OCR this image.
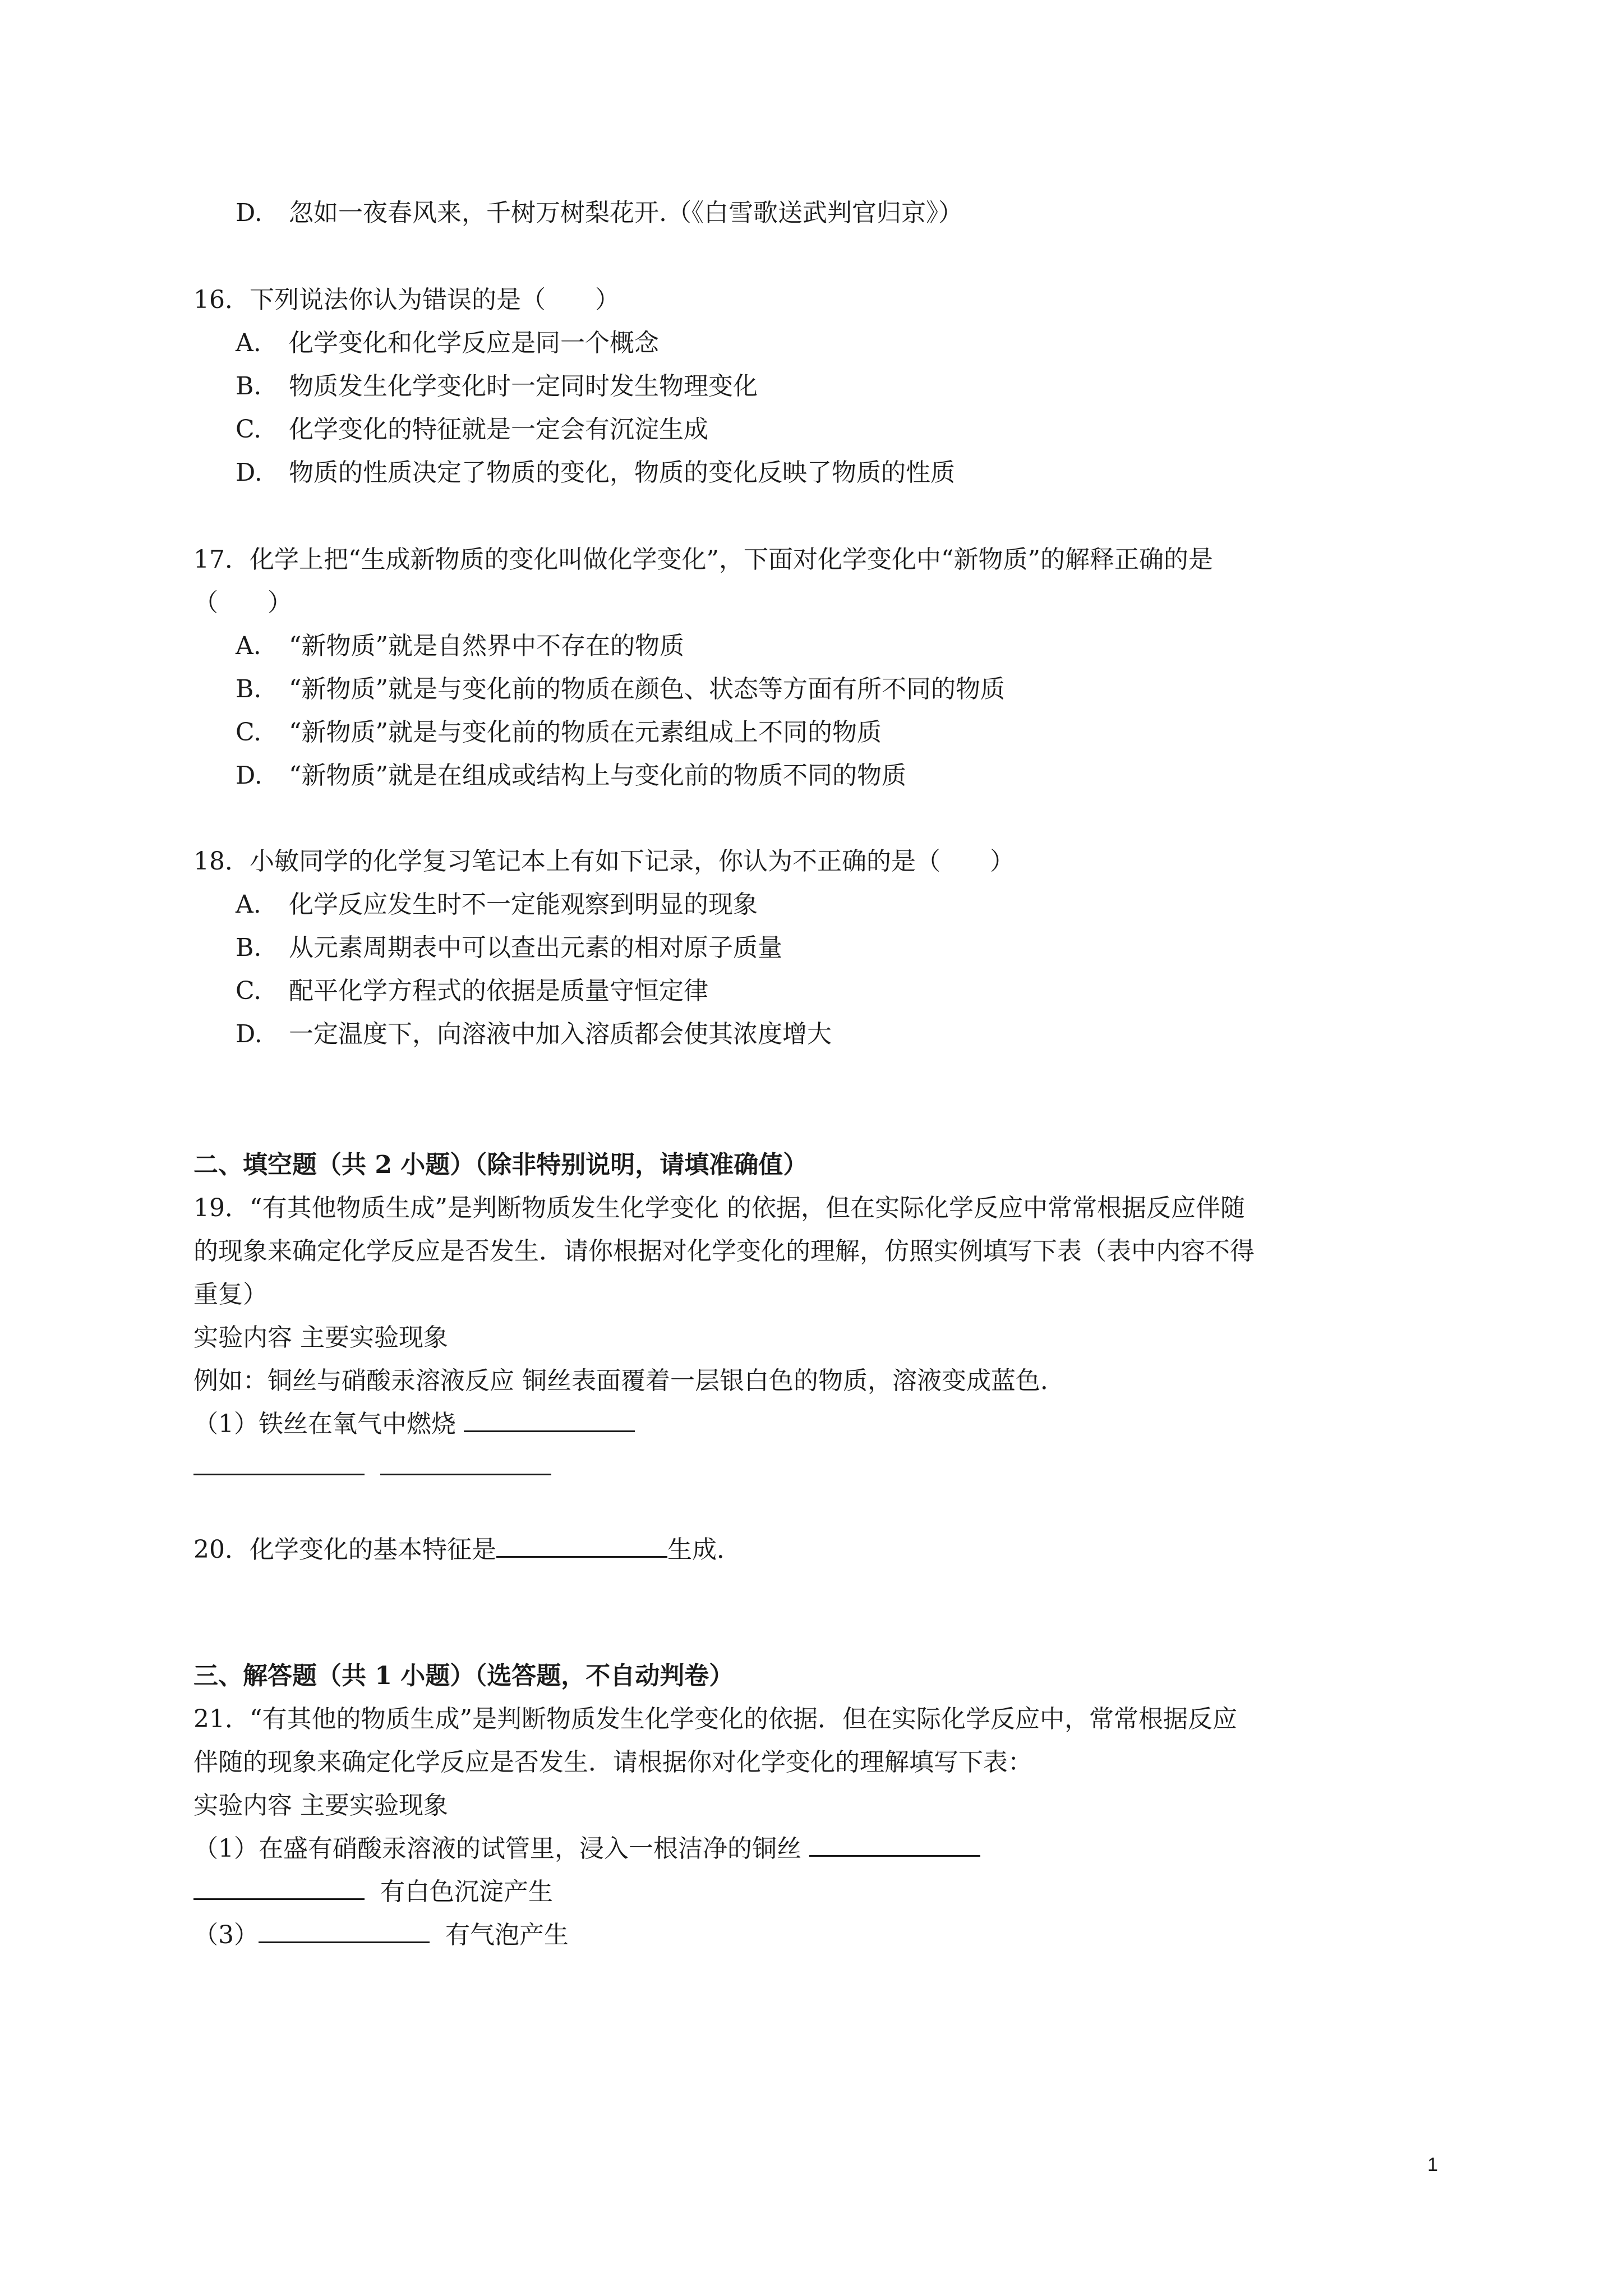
D. 忽如一夜春风来，千树万树梨花开.（《白雪歌送武判官归京》）
16．下列说法你认为错误的是（　　）
A. 化学变化和化学反应是同一个概念
B. 物质发生化学变化时一定同时发生物理变化
C. 化学变化的特征就是一定会有沉淀生成
D. 物质的性质决定了物质的变化，物质的变化反映了物质的性质
17．化学上把“生成新物质的变化叫做化学变化”，下面对化学变化中“新物质”的解释正确的是
（　　）
A. “新物质”就是自然界中不存在的物质
B. “新物质”就是与变化前的物质在颜色、状态等方面有所不同的物质
C. “新物质”就是与变化前的物质在元素组成上不同的物质
D. “新物质”就是在组成或结构上与变化前的物质不同的物质
18．小敏同学的化学复习笔记本上有如下记录，你认为不正确的是（　　）
A. 化学反应发生时不一定能观察到明显的现象
B. 从元素周期表中可以查出元素的相对原子质量
C. 配平化学方程式的依据是质量守恒定律
D. 一定温度下，向溶液中加入溶质都会使其浓度增大
二、填空题（共 2 小题）（除非特别说明，请填准确值）
19．“有其他物质生成”是判断物质发生化学变化 的依据，但在实际化学反应中常常根据反应伴随
的现象来确定化学反应是否发生．请你根据对化学变化的理解，仿照实例填写下表（表中内容不得
重复）
实验内容 主要实验现象
例如：铜丝与硝酸汞溶液反应 铜丝表面覆着一层银白色的物质，溶液变成蓝色．
（1）铁丝在氧气中燃烧

20．化学变化的基本特征是	生成．
三、解答题（共 1 小题）（选答题，不自动判卷）
21．“有其他的物质生成”是判断物质发生化学变化的依据．但在实际化学反应中，常常根据反应
伴随的现象来确定化学反应是否发生．请根据你对化学变化的理解填写下表：
实验内容 主要实验现象
（1）在盛有硝酸汞溶液的试管里，浸入一根洁净的铜丝
有白色沉淀产生
（3）	有气泡产生
1
